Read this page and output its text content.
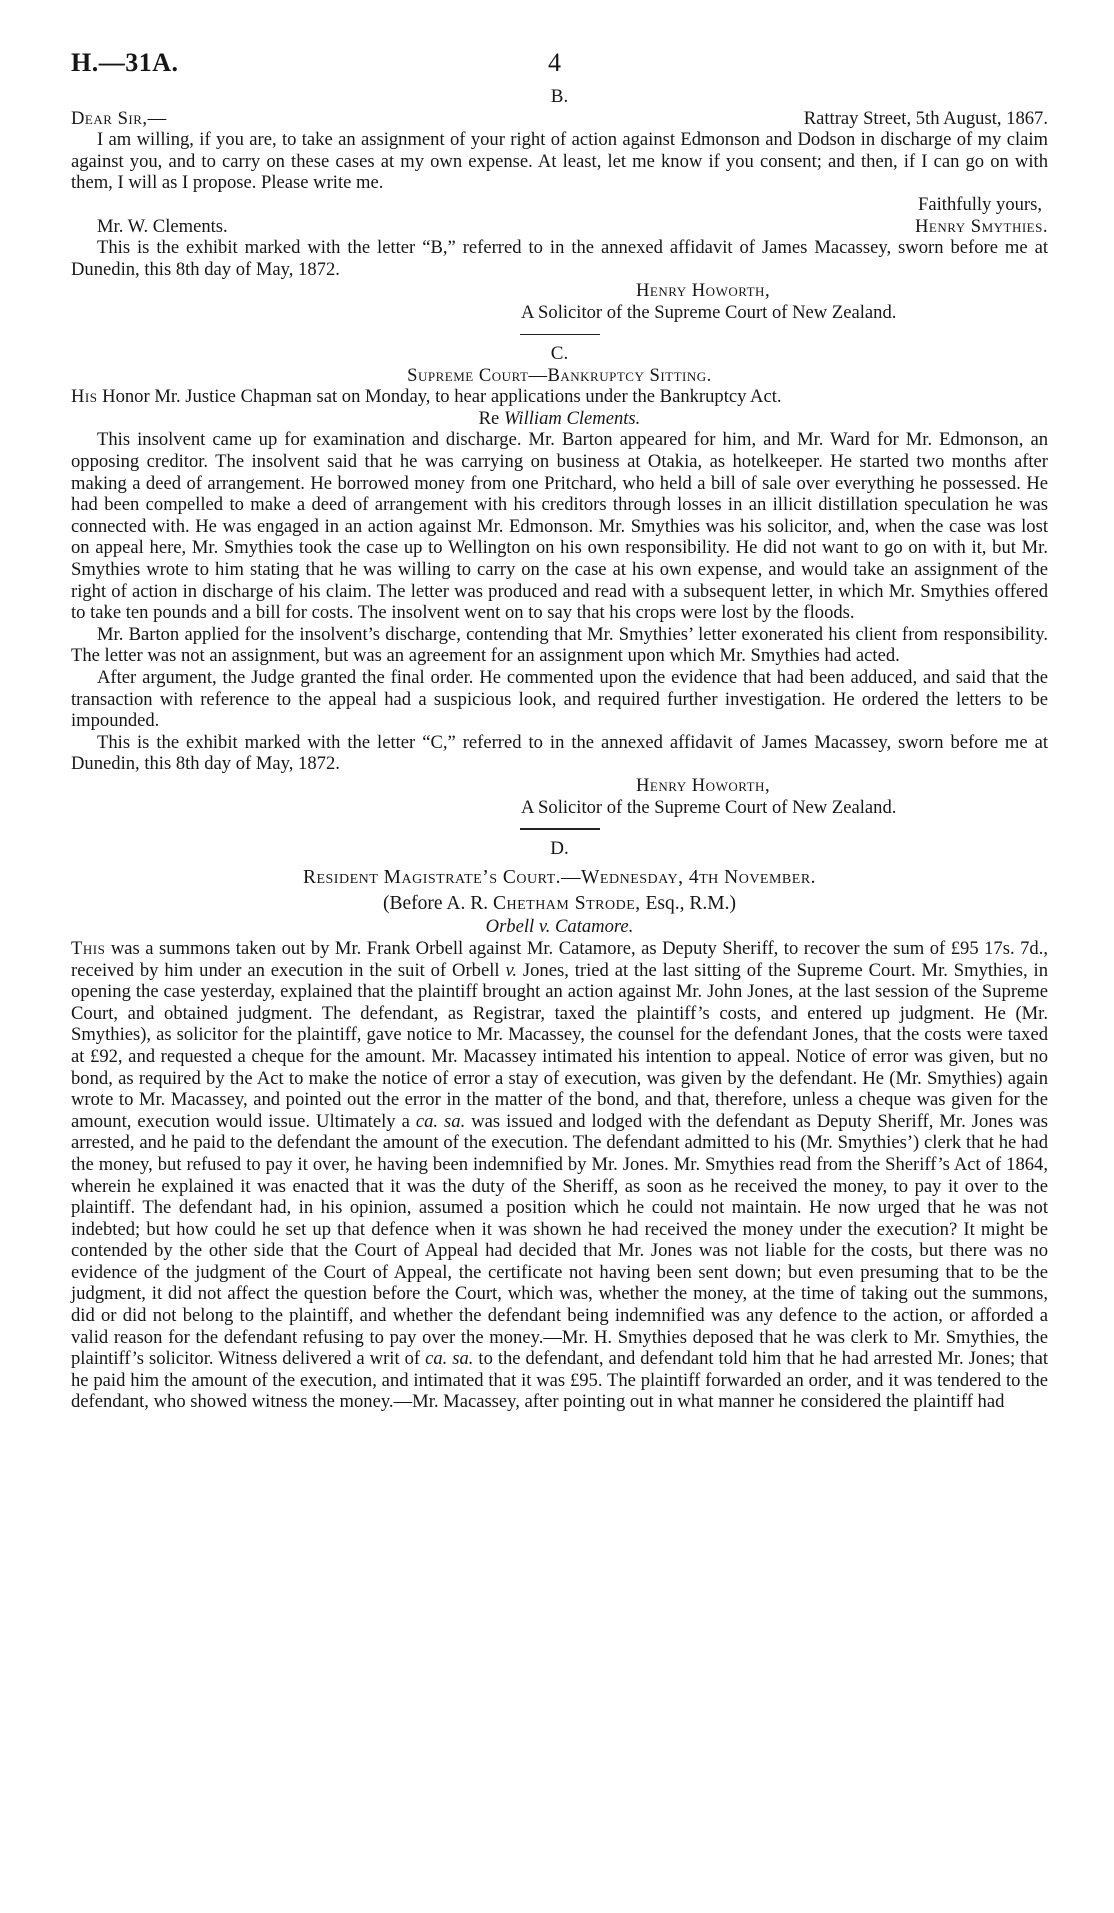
H.—31A.	4
B.
Dear Sir,—	Rattray Street, 5th August, 1867.

I am willing, if you are, to take an assignment of your right of action against Edmonson and Dodson in discharge of my claim against you, and to carry on these cases at my own expense. At least, let me know if you consent; and then, if I can go on with them, I will as I propose. Please write me.

Faithfully yours,
Mr. W. Clements.	Henry Smythies.

This is the exhibit marked with the letter “B,” referred to in the annexed affidavit of James Macassey, sworn before me at Dunedin, this 8th day of May, 1872.

Henry Howorth,
A Solicitor of the Supreme Court of New Zealand.
C.
Supreme Court—Bankruptcy Sitting.

His Honor Mr. Justice Chapman sat on Monday, to hear applications under the Bankruptcy Act.

Re William Clements.

This insolvent came up for examination and discharge. Mr. Barton appeared for him, and Mr. Ward for Mr. Edmonson, an opposing creditor. The insolvent said that he was carrying on business at Otakia, as hotelkeeper. He started two months after making a deed of arrangement. He borrowed money from one Pritchard, who held a bill of sale over everything he possessed. He had been compelled to make a deed of arrangement with his creditors through losses in an illicit distillation speculation he was connected with. He was engaged in an action against Mr. Edmonson. Mr. Smythies was his solicitor, and, when the case was lost on appeal here, Mr. Smythies took the case up to Wellington on his own responsibility. He did not want to go on with it, but Mr. Smythies wrote to him stating that he was willing to carry on the case at his own expense, and would take an assignment of the right of action in discharge of his claim. The letter was produced and read with a subsequent letter, in which Mr. Smythies offered to take ten pounds and a bill for costs. The insolvent went on to say that his crops were lost by the floods.

Mr. Barton applied for the insolvent’s discharge, contending that Mr. Smythies’ letter exonerated his client from responsibility. The letter was not an assignment, but was an agreement for an assignment upon which Mr. Smythies had acted.

After argument, the Judge granted the final order. He commented upon the evidence that had been adduced, and said that the transaction with reference to the appeal had a suspicious look, and required further investigation. He ordered the letters to be impounded.

This is the exhibit marked with the letter “C,” referred to in the annexed affidavit of James Macassey, sworn before me at Dunedin, this 8th day of May, 1872.

Henry Howorth,
A Solicitor of the Supreme Court of New Zealand.
D.
Resident Magistrate’s Court.—Wednesday, 4th November.
(Before A. R. Chetham Strode, Esq., R.M.)
Orbell v. Catamore.

This was a summons taken out by Mr. Frank Orbell against Mr. Catamore, as Deputy Sheriff, to recover the sum of £95 17s. 7d., received by him under an execution in the suit of Orbell v. Jones, tried at the last sitting of the Supreme Court. Mr. Smythies, in opening the case yesterday, explained that the plaintiff brought an action against Mr. John Jones, at the last session of the Supreme Court, and obtained judgment. The defendant, as Registrar, taxed the plaintiff’s costs, and entered up judgment. He (Mr. Smythies), as solicitor for the plaintiff, gave notice to Mr. Macassey, the counsel for the defendant Jones, that the costs were taxed at £92, and requested a cheque for the amount. Mr. Macassey intimated his intention to appeal. Notice of error was given, but no bond, as required by the Act to make the notice of error a stay of execution, was given by the defendant. He (Mr. Smythies) again wrote to Mr. Macassey, and pointed out the error in the matter of the bond, and that, therefore, unless a cheque was given for the amount, execution would issue. Ultimately a ca. sa. was issued and lodged with the defendant as Deputy Sheriff, Mr. Jones was arrested, and he paid to the defendant the amount of the execution. The defendant admitted to his (Mr. Smythies’) clerk that he had the money, but refused to pay it over, he having been indemnified by Mr. Jones. Mr. Smythies read from the Sheriff’s Act of 1864, wherein he explained it was enacted that it was the duty of the Sheriff, as soon as he received the money, to pay it over to the plaintiff. The defendant had, in his opinion, assumed a position which he could not maintain. He now urged that he was not indebted; but how could he set up that defence when it was shown he had received the money under the execution? It might be contended by the other side that the Court of Appeal had decided that Mr. Jones was not liable for the costs, but there was no evidence of the judgment of the Court of Appeal, the certificate not having been sent down; but even presuming that to be the judgment, it did not affect the question before the Court, which was, whether the money, at the time of taking out the summons, did or did not belong to the plaintiff, and whether the defendant being indemnified was any defence to the action, or afforded a valid reason for the defendant refusing to pay over the money.—Mr. H. Smythies deposed that he was clerk to Mr. Smythies, the plaintiff’s solicitor. Witness delivered a writ of ca. sa. to the defendant, and defendant told him that he had arrested Mr. Jones; that he paid him the amount of the execution, and intimated that it was £95. The plaintiff forwarded an order, and it was tendered to the defendant, who showed witness the money.—Mr. Macassey, after pointing out in what manner he considered the plaintiff had
